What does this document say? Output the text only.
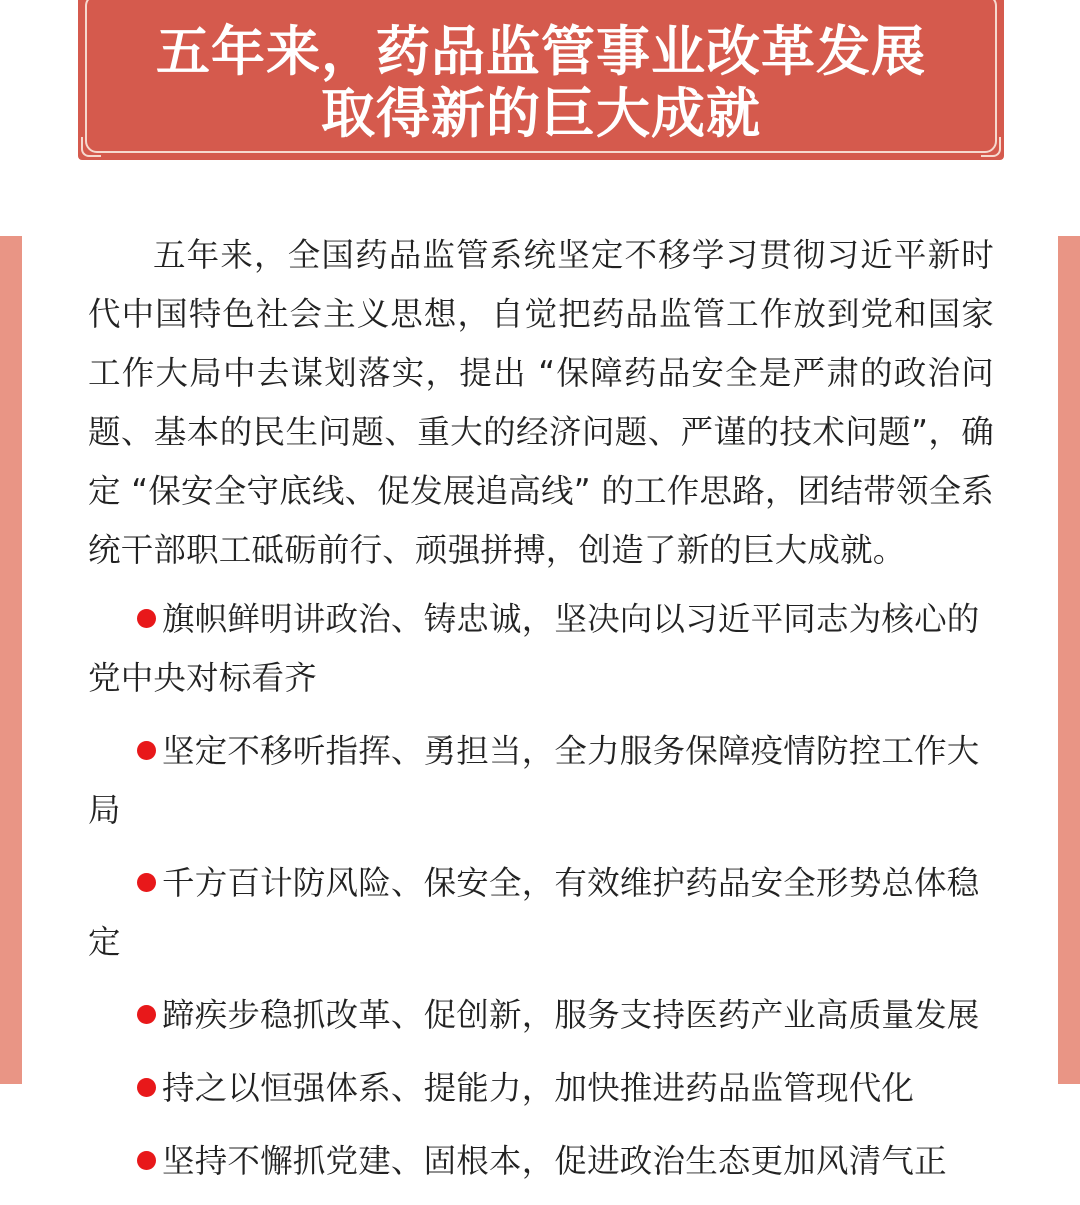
五年来，药品监管事业改革发展
取得新的巨大成就

五年来，全国药品监管系统坚定不移学习贯彻习近平新时代中国特色社会主义思想，自觉把药品监管工作放到党和国家工作大局中去谋划落实，提出 “保障药品安全是严肃的政治问题、基本的民生问题、重大的经济问题、严谨的技术问题”，确定 “保安全守底线、促发展追高线” 的工作思路，团结带领全系统干部职工砥砺前行、顽强拼搏，创造了新的巨大成就。

旗帜鲜明讲政治、铸忠诚，坚决向以习近平同志为核心的党中央对标看齐
坚定不移听指挥、勇担当，全力服务保障疫情防控工作大局
千方百计防风险、保安全，有效维护药品安全形势总体稳定
蹄疾步稳抓改革、促创新，服务支持医药产业高质量发展
持之以恒强体系、提能力，加快推进药品监管现代化
坚持不懈抓党建、固根本，促进政治生态更加风清气正
